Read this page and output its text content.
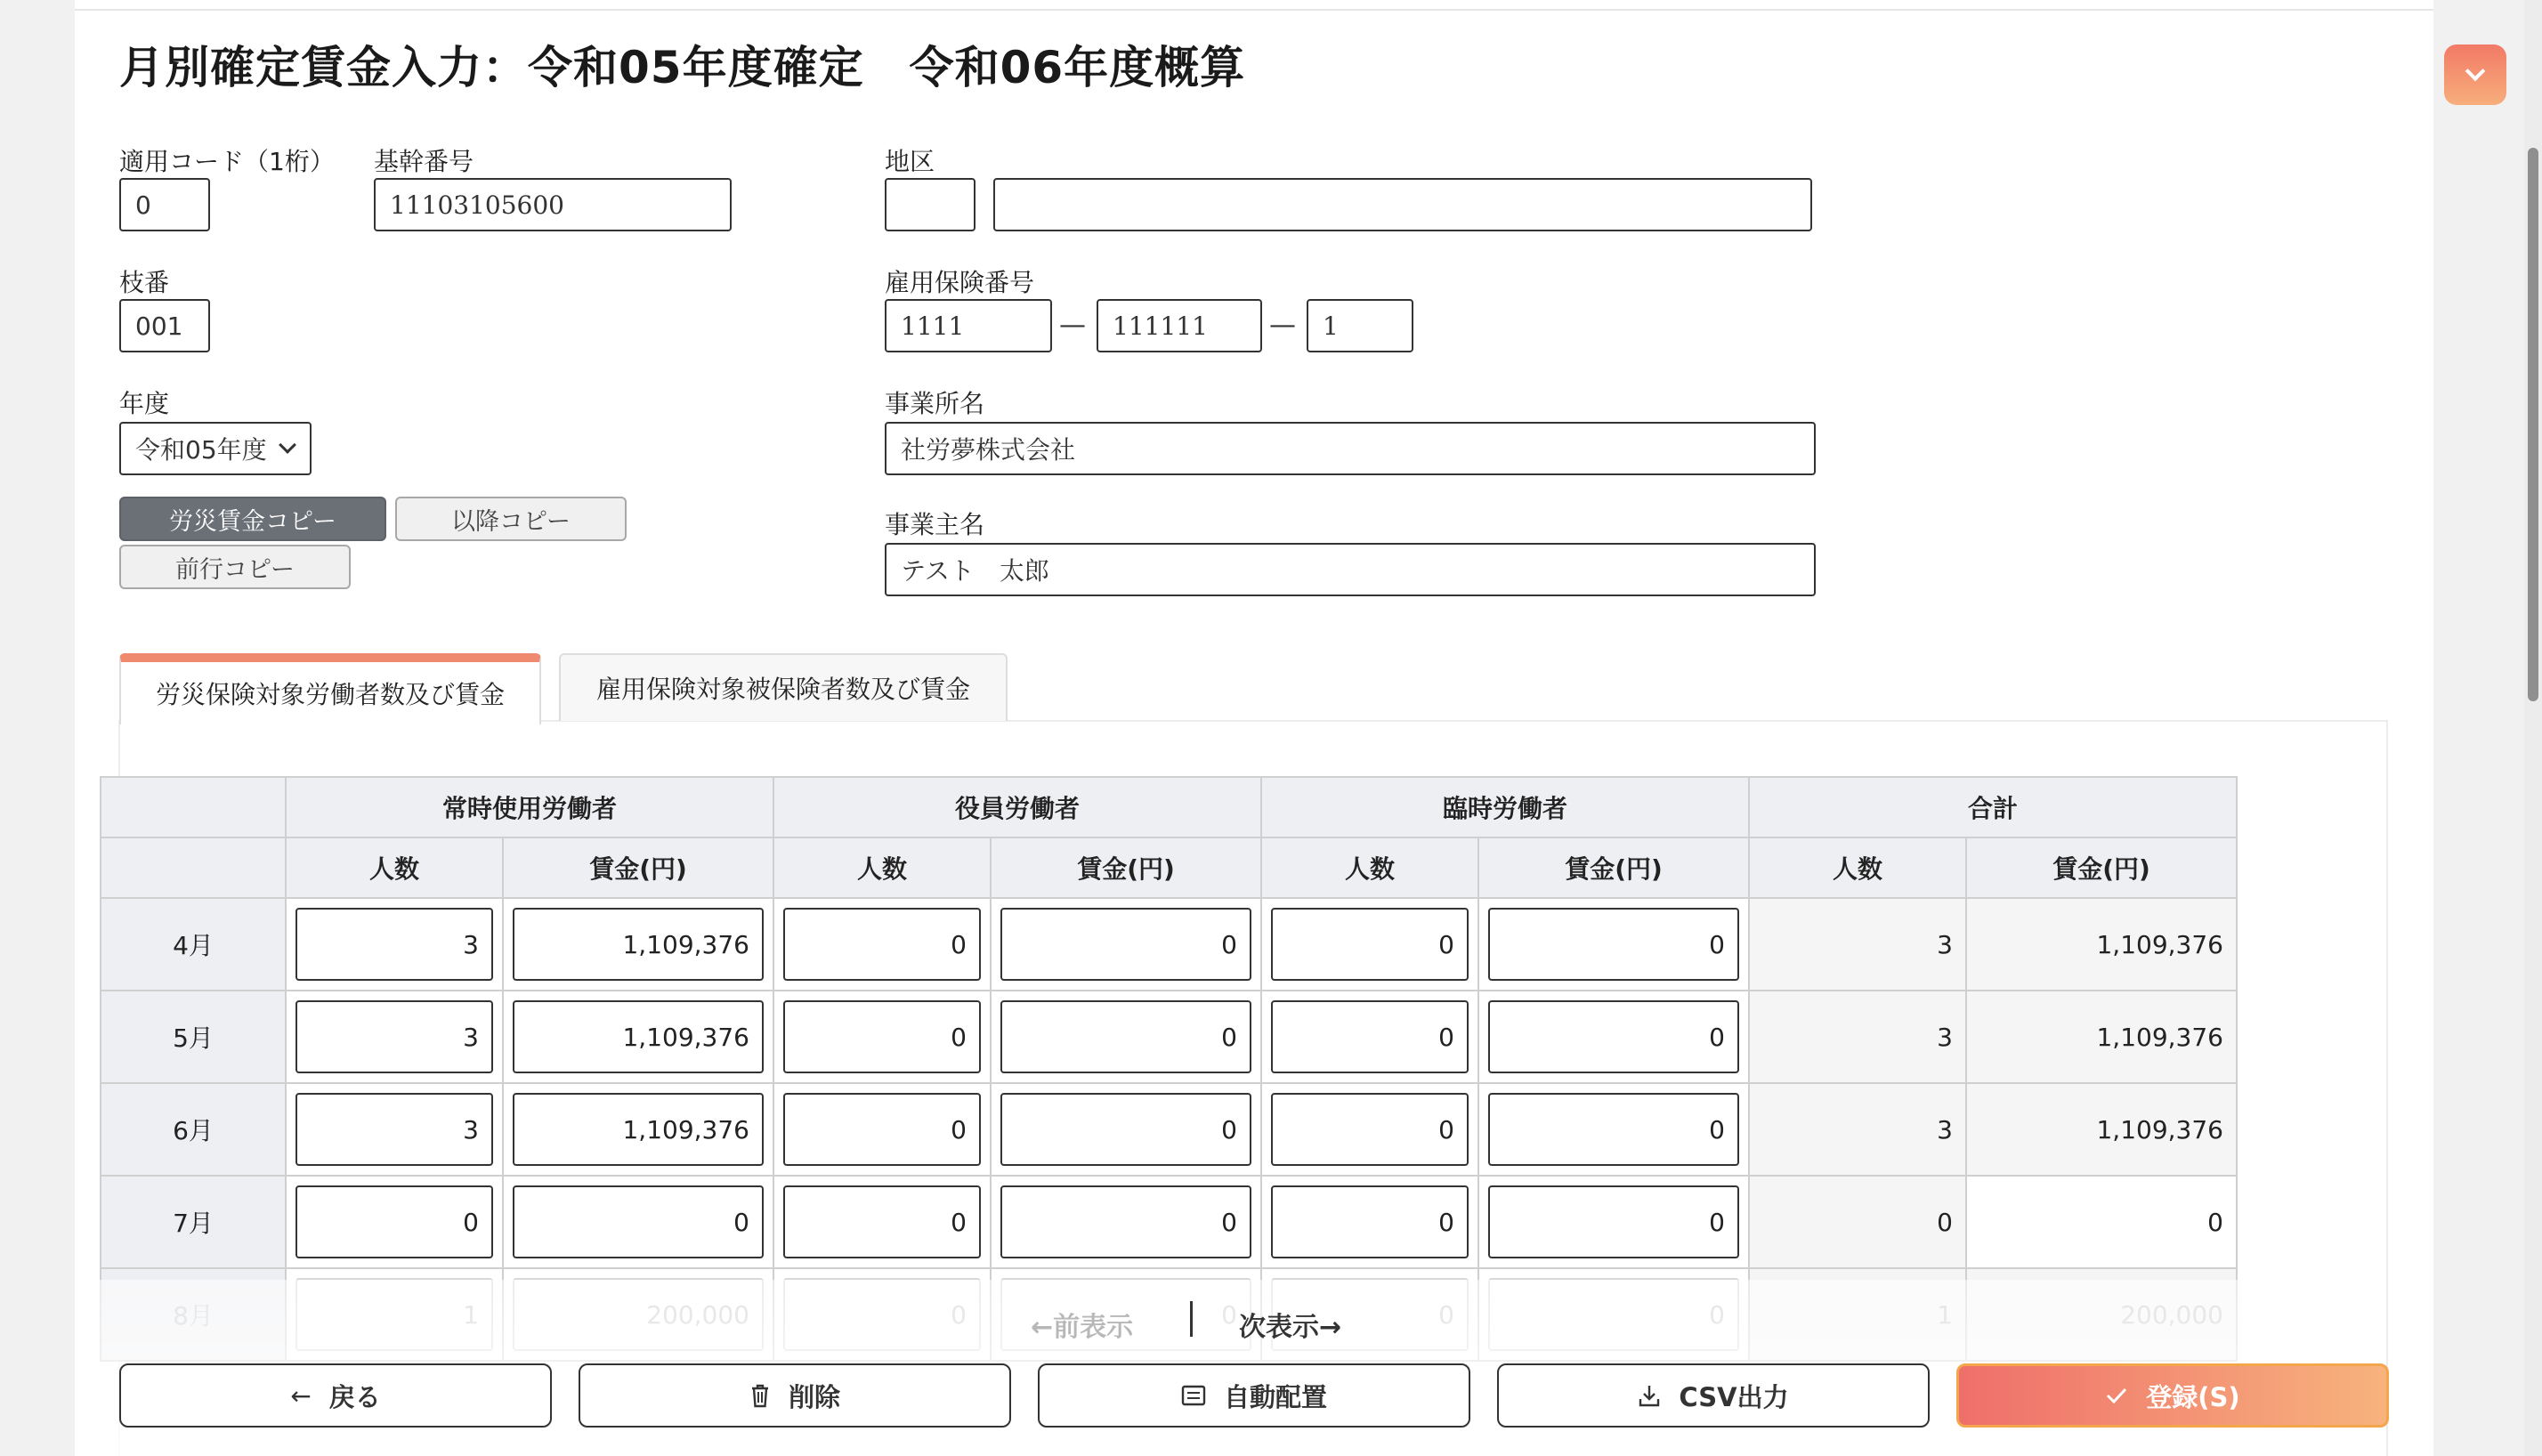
月別確定賃金入力：令和05年度確定　令和06年度概算
適用コード（1桁） 基幹番号	地区
0	11103105600
枝番	雇用保険番号
001	1111	—	111111	—	1
年度	事業所名
令和05年度	社労夢株式会社
労災賃金コピー	以降コピー
前行コピー
事業主名
テスト　太郎
労災保険対象労働者数及び賃金	雇用保険対象被保険者数及び賃金
	常時使用労働者		役員労働者		臨時労働者		合計	
	人数	賃金(円)	人数	賃金(円)	人数	賃金(円)	人数	賃金(円)
4月	3	1,109,376	0	0	0	0	3	1,109,376
5月	3	1,109,376	0	0	0	0	3	1,109,376
6月	3	1,109,376	0	0	0	0	3	1,109,376
7月	0	0	0	0	0	0	0	0

←前表示	次表示→
← 戻る	削除	自動配置	CSV出力	登録(S)
